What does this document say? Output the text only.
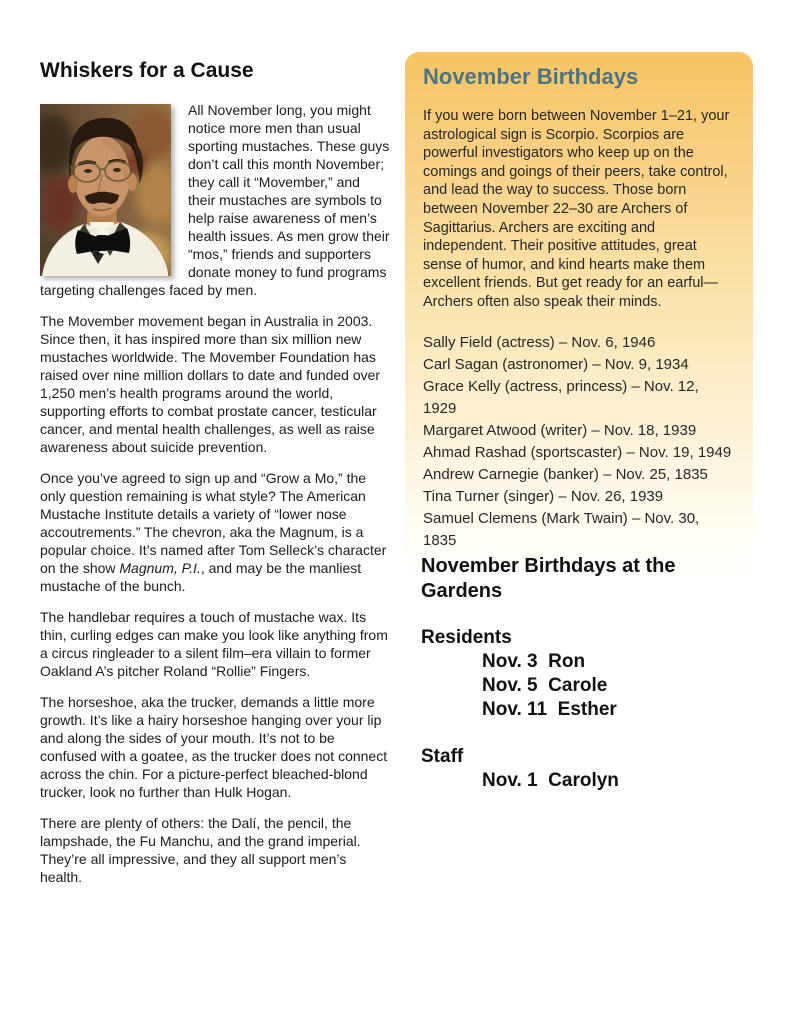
Whiskers for a Cause

All November long, you might notice more men than usual sporting mustaches. These guys don’t call this month November; they call it “Movember,” and their mustaches are symbols to help raise awareness of men’s health issues. As men grow their “mos,” friends and supporters donate money to fund programs targeting challenges faced by men.

The Movember movement began in Australia in 2003. Since then, it has inspired more than six million new mustaches worldwide. The Movember Foundation has raised over nine million dollars to date and funded over 1,250 men’s health programs around the world, supporting efforts to combat prostate cancer, testicular cancer, and mental health challenges, as well as raise awareness about suicide prevention.

Once you’ve agreed to sign up and “Grow a Mo,” the only question remaining is what style? The American Mustache Institute details a variety of “lower nose accoutrements.” The chevron, aka the Magnum, is a popular choice. It’s named after Tom Selleck’s character on the show Magnum, P.I., and may be the manliest mustache of the bunch.

The handlebar requires a touch of mustache wax. Its thin, curling edges can make you look like anything from a circus ringleader to a silent film–era villain to former Oakland A’s pitcher Roland “Rollie” Fingers.

The horseshoe, aka the trucker, demands a little more growth. It’s like a hairy horseshoe hanging over your lip and along the sides of your mouth. It’s not to be confused with a goatee, as the trucker does not connect across the chin. For a picture-perfect bleached-blond trucker, look no further than Hulk Hogan.

There are plenty of others: the Dalí, the pencil, the lampshade, the Fu Manchu, and the grand imperial. They’re all impressive, and they all support men’s health.

November Birthdays

If you were born between November 1–21, your astrological sign is Scorpio. Scorpios are powerful investigators who keep up on the comings and goings of their peers, take control, and lead the way to success. Those born between November 22–30 are Archers of Sagittarius. Archers are exciting and independent. Their positive attitudes, great sense of humor, and kind hearts make them excellent friends. But get ready for an earful—Archers often also speak their minds.

Sally Field (actress) – Nov. 6, 1946
Carl Sagan (astronomer) – Nov. 9, 1934
Grace Kelly (actress, princess) – Nov. 12, 1929
Margaret Atwood (writer) – Nov. 18, 1939
Ahmad Rashad (sportscaster) – Nov. 19, 1949
Andrew Carnegie (banker) – Nov. 25, 1835
Tina Turner (singer) – Nov. 26, 1939
Samuel Clemens (Mark Twain) – Nov. 30, 1835
November Birthdays at the Gardens
Residents
Nov. 3  Ron
Nov. 5  Carole
Nov. 11  Esther
Staff
Nov. 1  Carolyn
